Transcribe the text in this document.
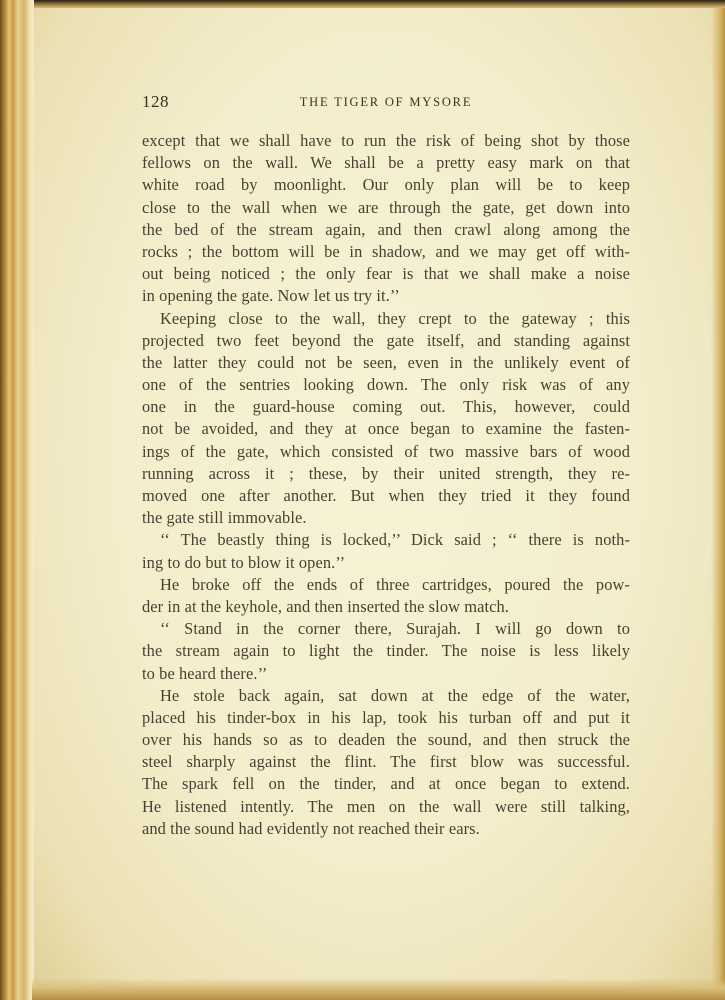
128	THE TIGER OF MYSORE
except that we shall have to run the risk of being shot by those
fellows on the wall. We shall be a pretty easy mark on that
white road by moonlight. Our only plan will be to keep
close to the wall when we are through the gate, get down into
the bed of the stream again, and then crawl along among the
rocks ; the bottom will be in shadow, and we may get off with-
out being noticed ; the only fear is that we shall make a noise
in opening the gate. Now let us try it.’’
Keeping close to the wall, they crept to the gateway ; this
projected two feet beyond the gate itself, and standing against
the latter they could not be seen, even in the unlikely event of
one of the sentries looking down. The only risk was of any
one in the guard-house coming out. This, however, could
not be avoided, and they at once began to examine the fasten-
ings of the gate, which consisted of two massive bars of wood
running across it ; these, by their united strength, they re-
moved one after another. But when they tried it they found
the gate still immovable.
‘‘ The beastly thing is locked,’’ Dick said ; ‘‘ there is noth-
ing to do but to blow it open.’’
He broke off the ends of three cartridges, poured the pow-
der in at the keyhole, and then inserted the slow match.
‘‘ Stand in the corner there, Surajah. I will go down to
the stream again to light the tinder. The noise is less likely
to be heard there.’’
He stole back again, sat down at the edge of the water,
placed his tinder-box in his lap, took his turban off and put it
over his hands so as to deaden the sound, and then struck the
steel sharply against the flint. The first blow was successful.
The spark fell on the tinder, and at once began to extend.
He listened intently. The men on the wall were still talking,
and the sound had evidently not reached their ears.
